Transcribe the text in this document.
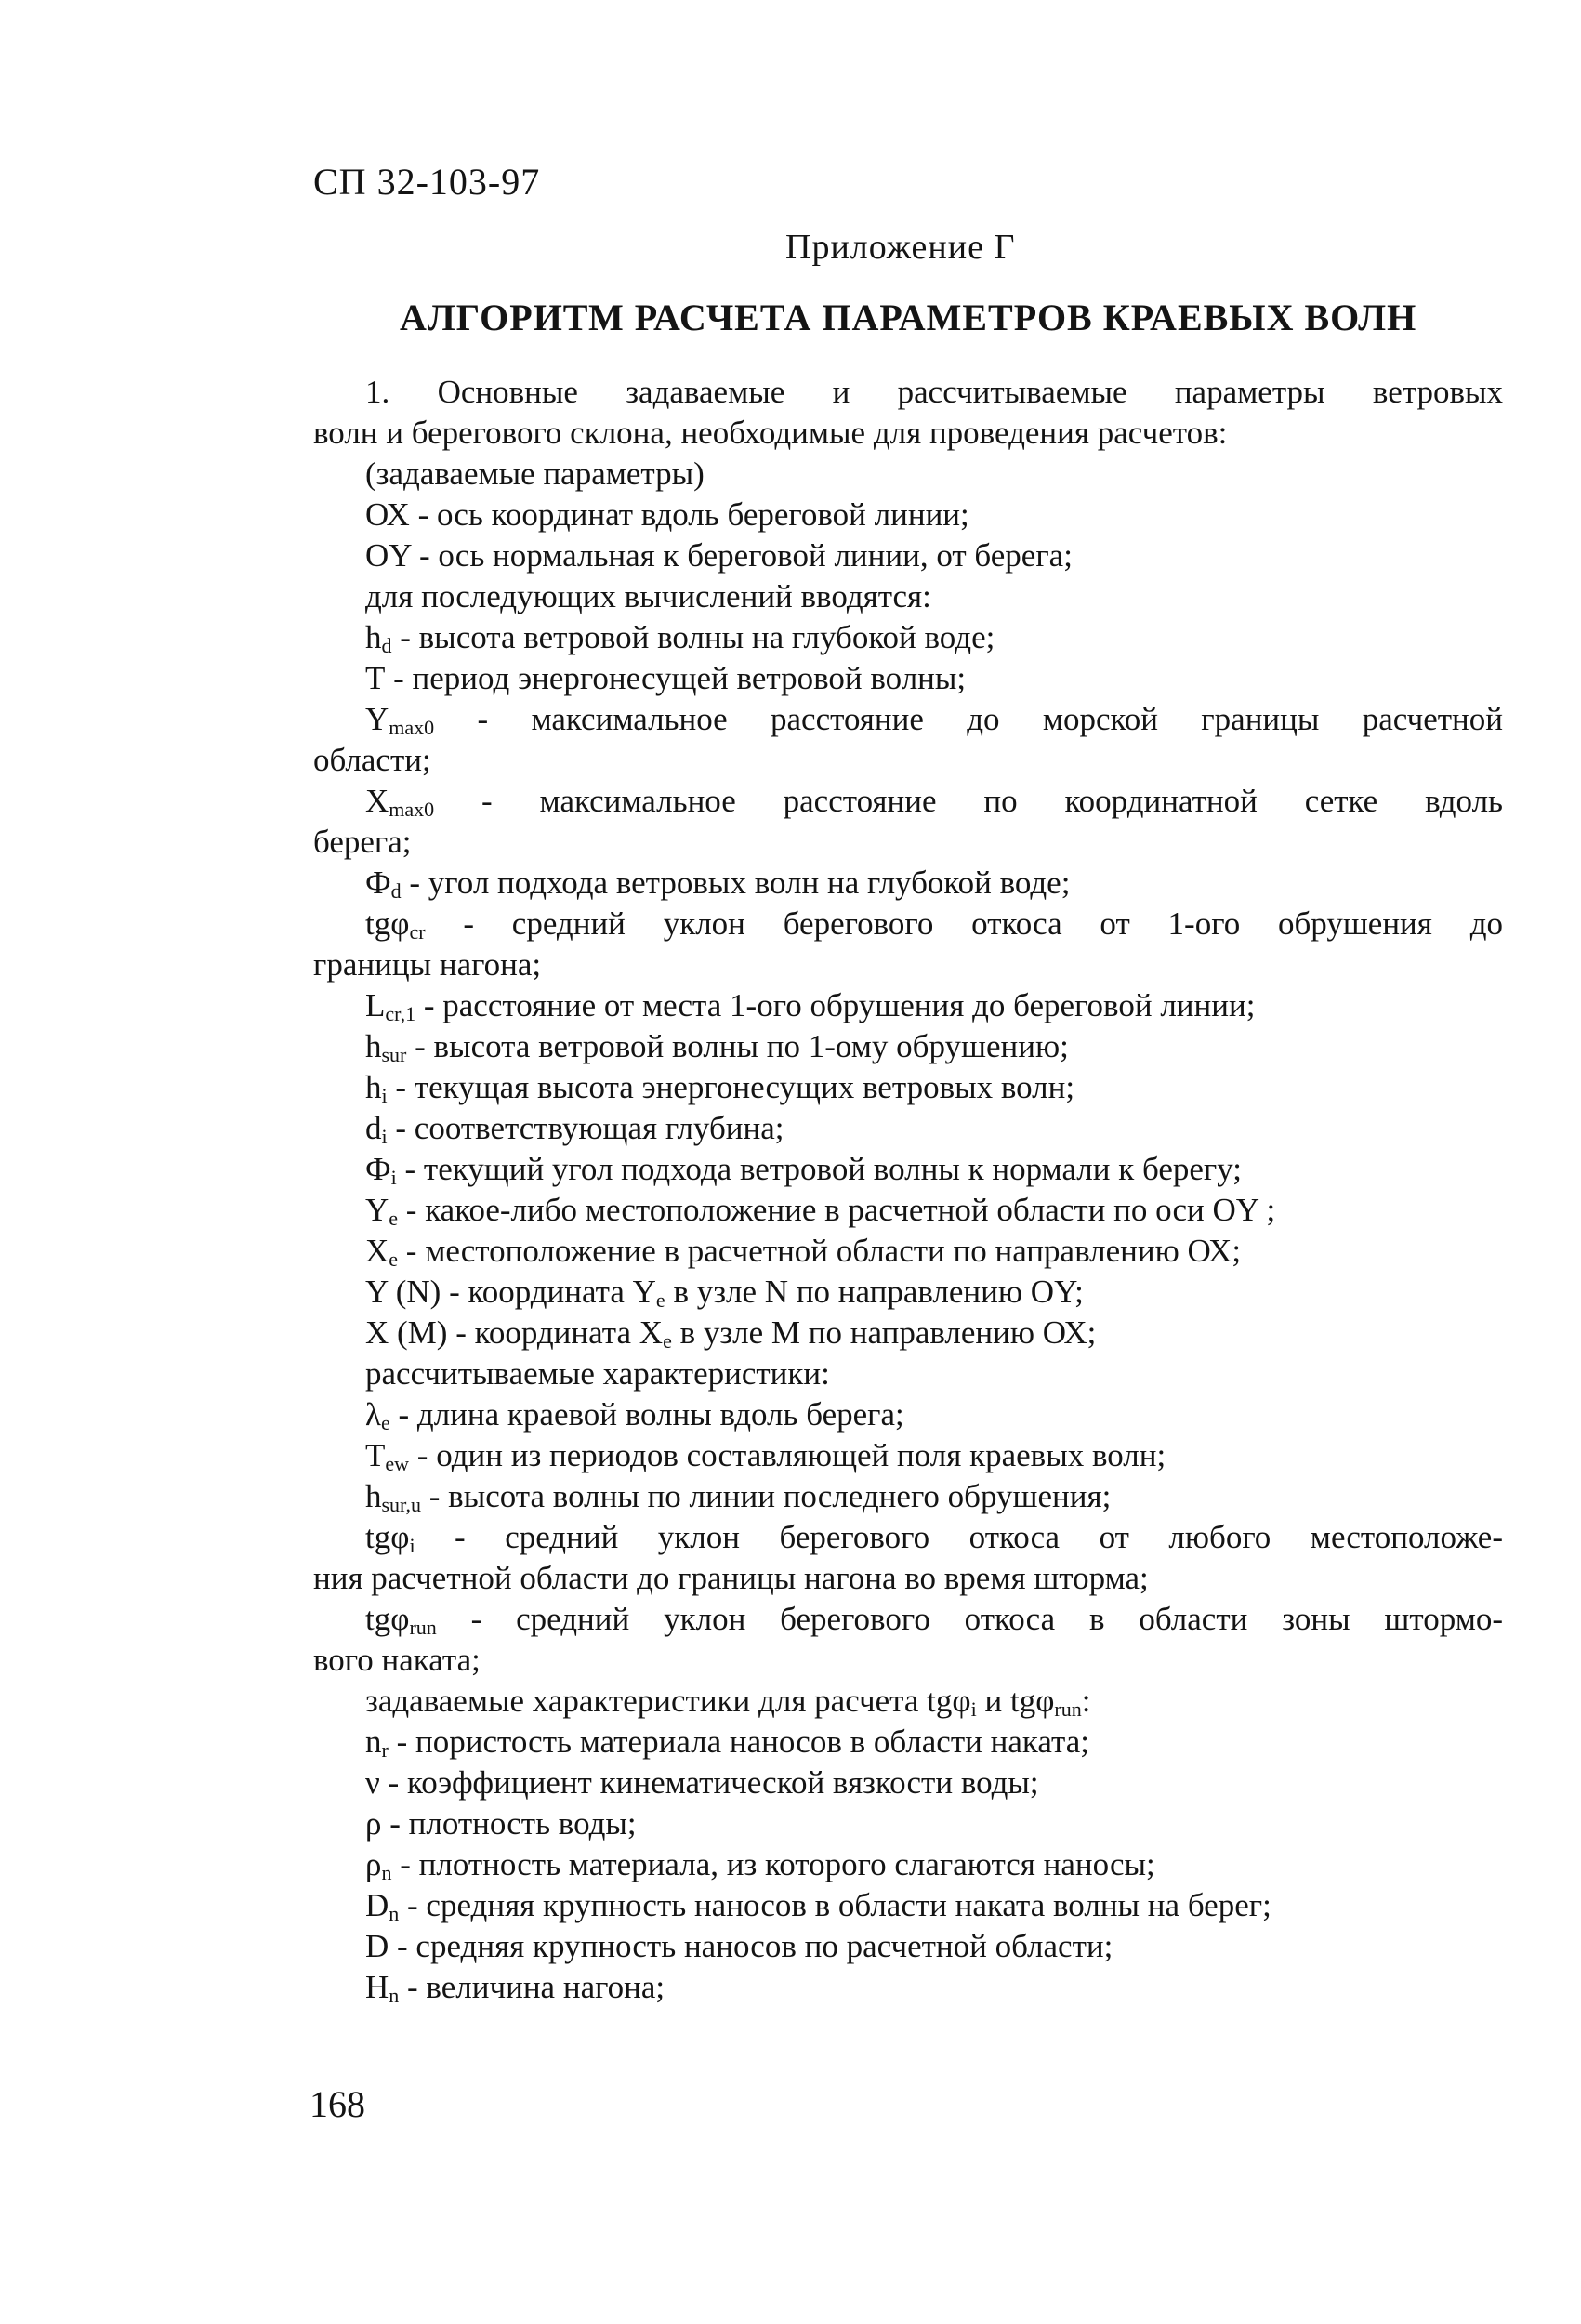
СП 32-103-97
Приложение Г
АЛГОРИТМ РАСЧЕТА ПАРАМЕТРОВ КРАЕВЫХ ВОЛН

1. Основные задаваемые и рассчитываемые параметры ветровых

волн и берегового склона, необходимые для проведения расчетов:

(задаваемые параметры)

ОХ - ось координат вдоль береговой линии;

ОY - ось нормальная к береговой линии, от берега;

для последующих вычислений вводятся:

$h_d$ - высота ветровой волны на глубокой воде;

Т - период энергонесущей ветровой волны;

$Y_{max0}$ - максимальное расстояние до морской границы расчетной

области;

$X_{max0}$ - максимальное расстояние по координатной сетке вдоль

берега;

$Ф_d$ - угол подхода ветровых волн на глубокой воде;

tgφ$_{cr}$ - средний уклон берегового откоса от 1-ого обрушения до

границы нагона;

$L_{cr,1}$ - расстояние от места 1-ого обрушения до береговой линии;

$h_{sur}$ - высота ветровой волны по 1-ому обрушению;

$h_i$ - текущая высота энергонесущих ветровых волн;

$d_i$ - соответствующая глубина;

$Ф_i$ - текущий угол подхода ветровой волны к нормали к берегу;

$Y_e$ - какое-либо местоположение в расчетной области по оси ОY ;

$X_e$ - местоположение в расчетной области по направлению ОХ;

Y (N) - координата $Y_e$ в узле N по направлению ОY;

X (M) - координата $X_e$ в узле M по направлению ОХ;

рассчитываемые характеристики:

$\lambda_e$ - длина краевой волны вдоль берега;

$T_{ew}$ - один из периодов составляющей поля краевых волн;

$h_{sur,u}$ - высота волны по линии последнего обрушения;

tgφ$_i$ - средний уклон берегового откоса от любого местоположе-

ния расчетной области до границы нагона во время шторма;

tgφ$_{run}$ - средний уклон берегового откоса в области зоны штормо-

вого наката;

задаваемые характеристики для расчета tgφ$_i$ и tgφ$_{run}$:

$n_r$ - пористость материала наносов в области наката;

ν - коэффициент кинематической вязкости воды;

ρ - плотность воды;

$\rho_n$ - плотность материала, из которого слагаются наносы;

$D_n$ - средняя крупность наносов в области наката волны на берег;

D - средняя крупность наносов по расчетной области;

$H_n$ - величина нагона;

168
